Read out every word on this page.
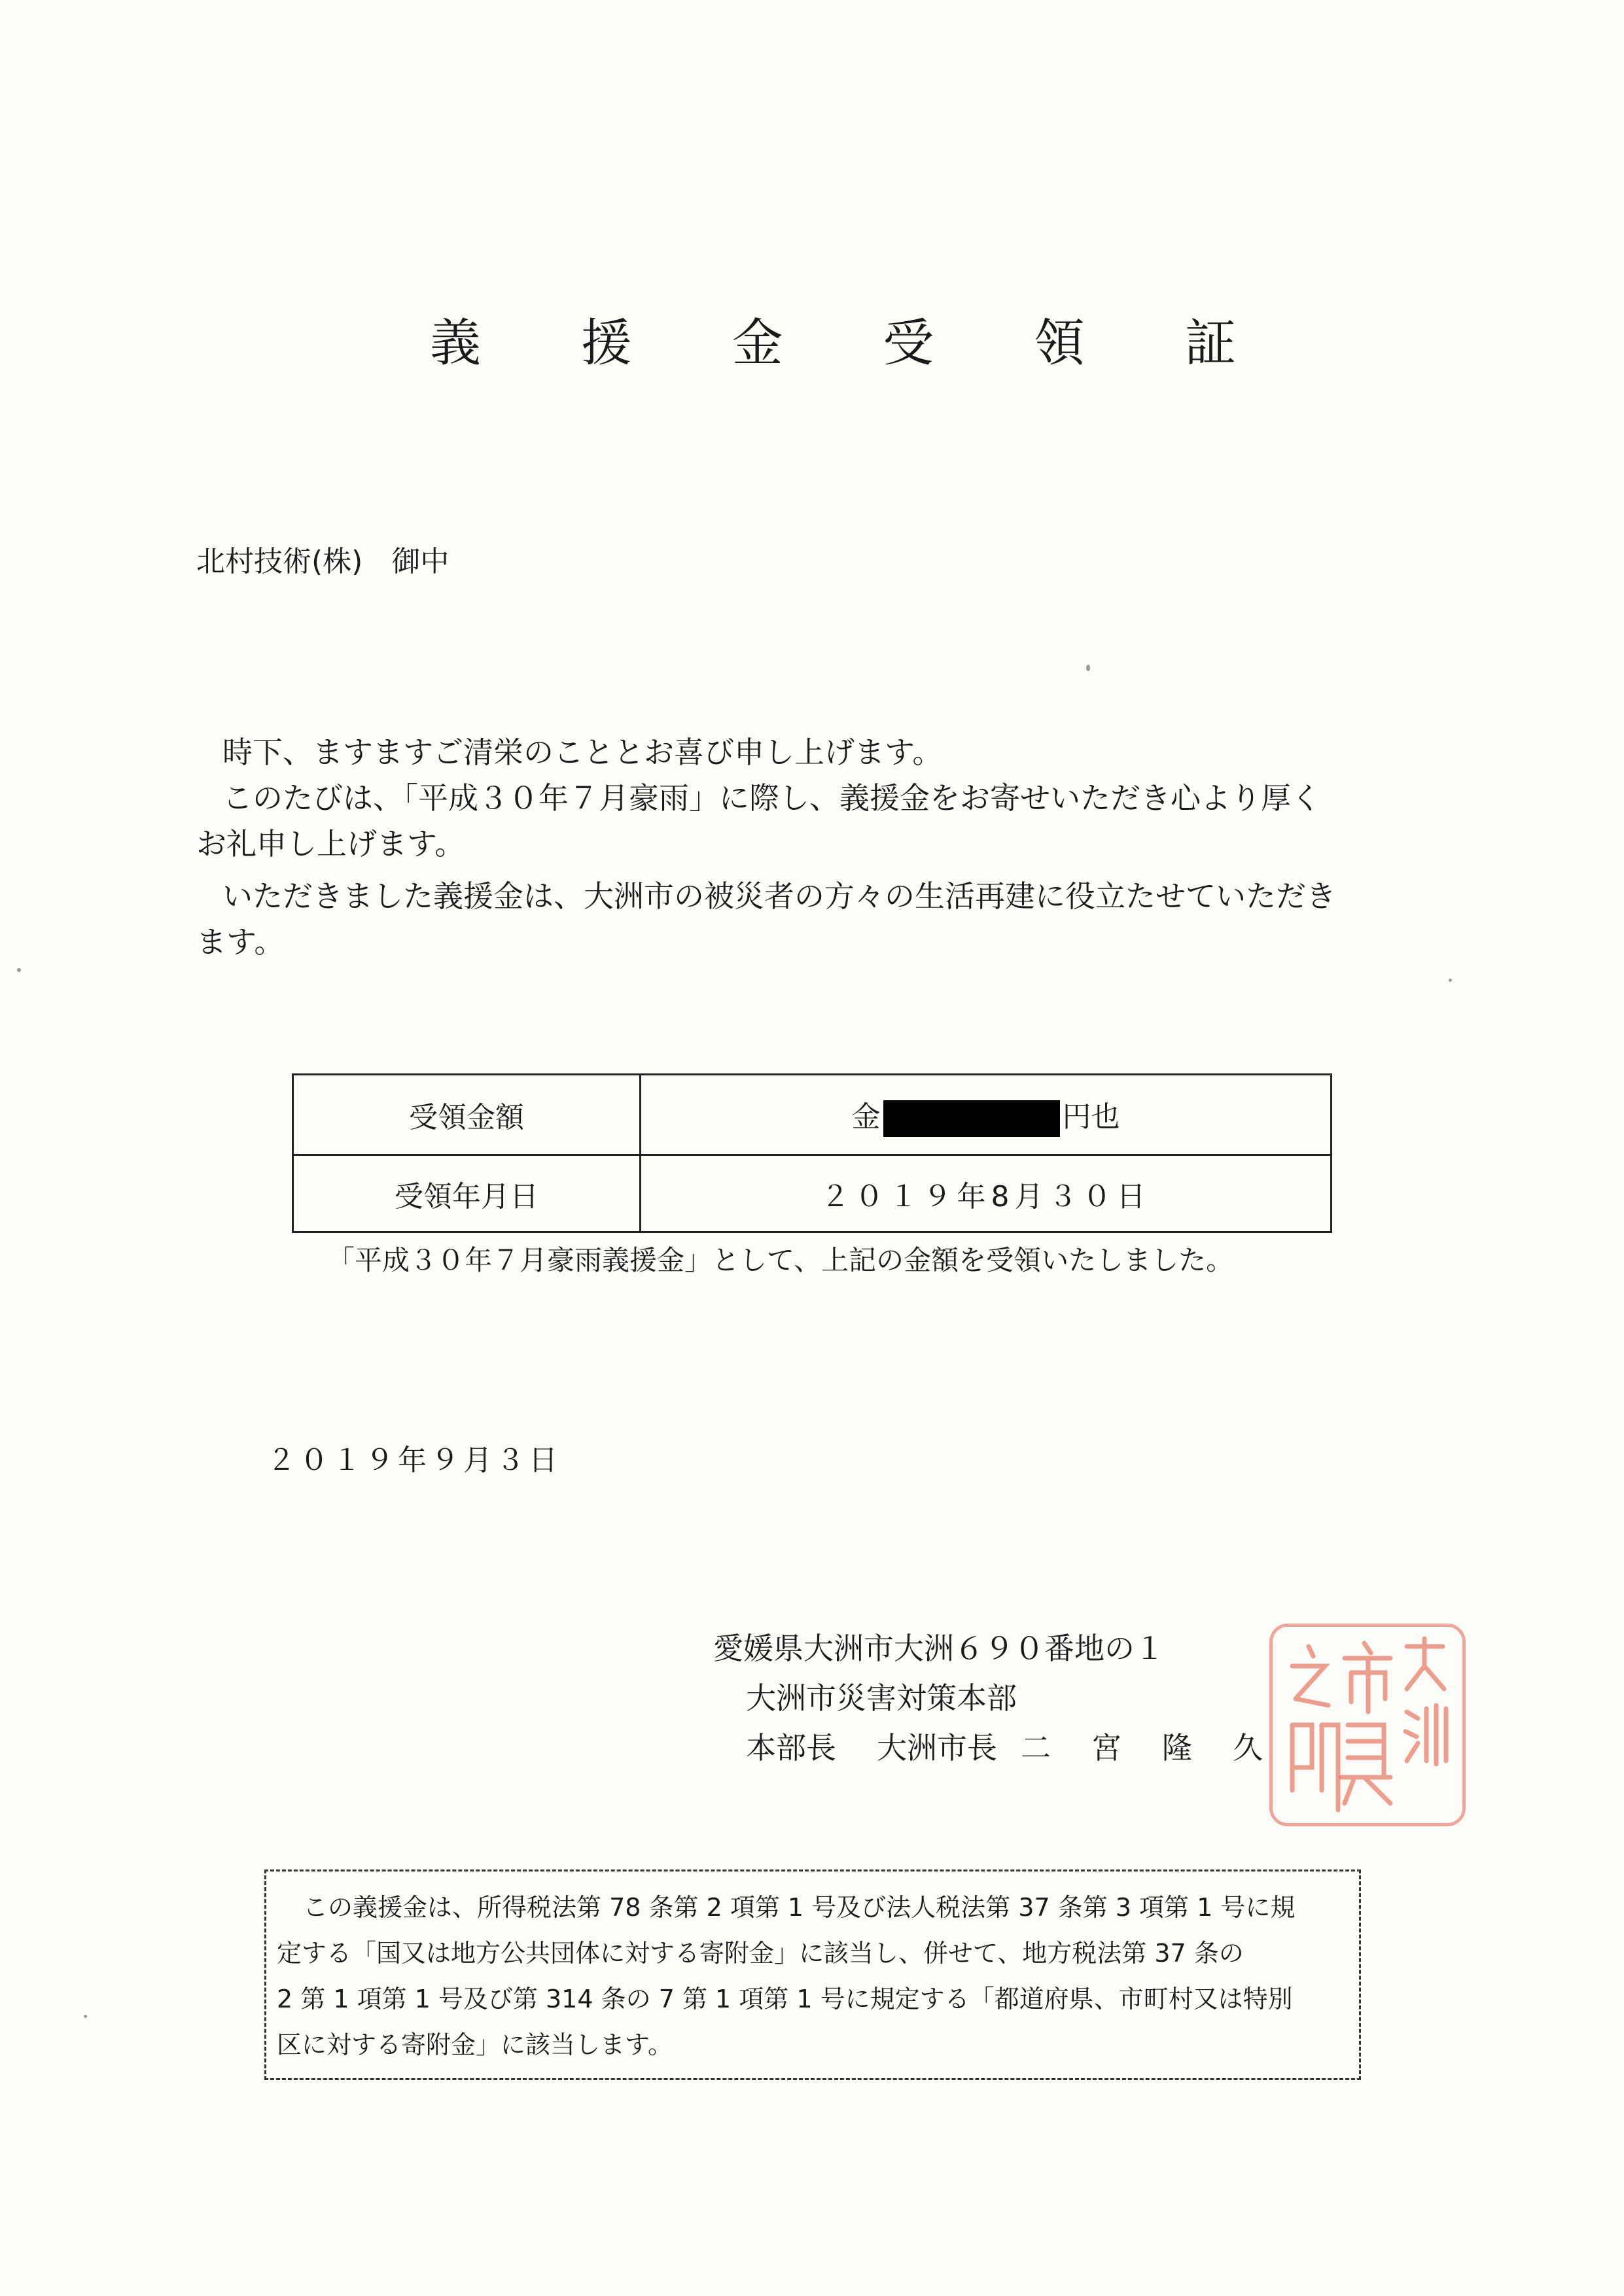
義 援 金 受 領 証
北村技術(株)　御中
時下、ますますご清栄のこととお喜び申し上げます。
このたびは、「平成３０年７月豪雨」に際し、義援金をお寄せいただき心より厚く
お礼申し上げます。
いただきました義援金は、大洲市の被災者の方々の生活再建に役立たせていただき
ます。
受領金額	金 円也
受領年月日	２０１９年8月３０日
「平成３０年７月豪雨義援金」として、上記の金額を受領いたしました。
２０１９年９月３日
愛媛県大洲市大洲６９０番地の１
大洲市災害対策本部
本部長 大洲市長 二　宮　隆　久
この義援金は、所得税法第 78 条第 2 項第 1 号及び法人税法第 37 条第 3 項第 1 号に規
定する「国又は地方公共団体に対する寄附金」に該当し、併せて、地方税法第 37 条の
2 第 1 項第 1 号及び第 314 条の 7 第 1 項第 1 号に規定する「都道府県、市町村又は特別
区に対する寄附金」に該当します。
